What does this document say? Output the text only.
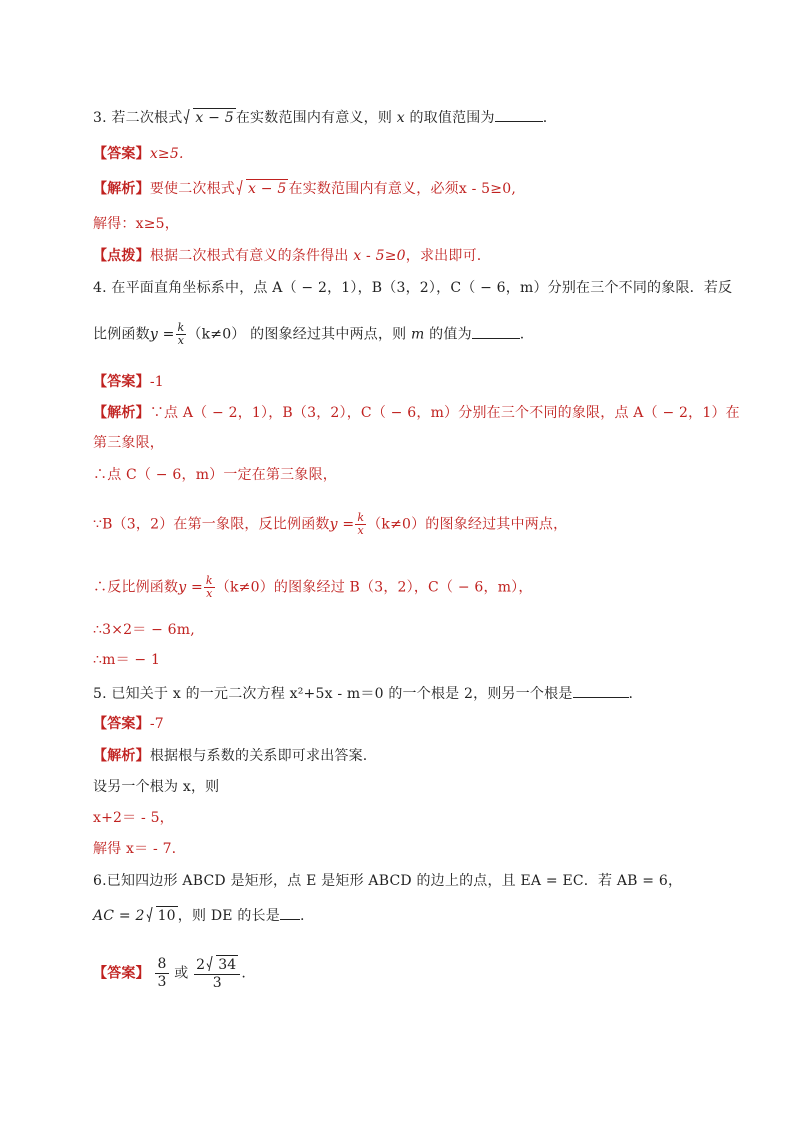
3. 若二次根式 x − 5 在实数范围内有意义，则 x 的取值范围为	.
【答案】x≥5.
【解析】要使二次根式 x − 5 在实数范围内有意义，必须x - 5≥0,
解得：x≥5，
【点拨】根据二次根式有意义的条件得出 x - 5≥0，求出即可.
4. 在平面直角坐标系中，点 A（ − 2，1），B（3，2），C（ − 6，m）分别在三个不同的象限．若反
比例函数$y = \frac{k}{x} (k\ne 0)$ 的图象经过其中两点，则 m 的值为	.
【答案】-1
【解析】∵点 A（ − 2，1），B（3，2），C（ − 6，m）分别在三个不同的象限，点 A（ − 2，1）在
第三象限，
∴点 C（ − 6，m）一定在第三象限，
∵B（3，2）在第一象限，反比例函数$y = \frac{k}{x} (k\ne 0)$的图象经过其中两点，
∴反比例函数$y = \frac{k}{x} (k\ne 0)$的图象经过 B（3，2），C（ − 6，m），
∴3×2＝ − 6m,
∴m＝ − 1
5. 已知关于 x 的一元二次方程 x²+5x - m＝0 的一个根是 2，则另一个根是	.
【答案】-7
【解析】根据根与系数的关系即可求出答案.
设另一个根为 x，则
x+2＝ - 5，
解得 x＝ - 7.
6.已知四边形 ABCD 是矩形，点 E 是矩形 ABCD 的边上的点，且 EA = EC．若 AB = 6，
AC = 2 10 ，则 DE 的长是 .
【答案】 $\frac{8}{3}$ 或 $\frac{2 34}{3}$ .
